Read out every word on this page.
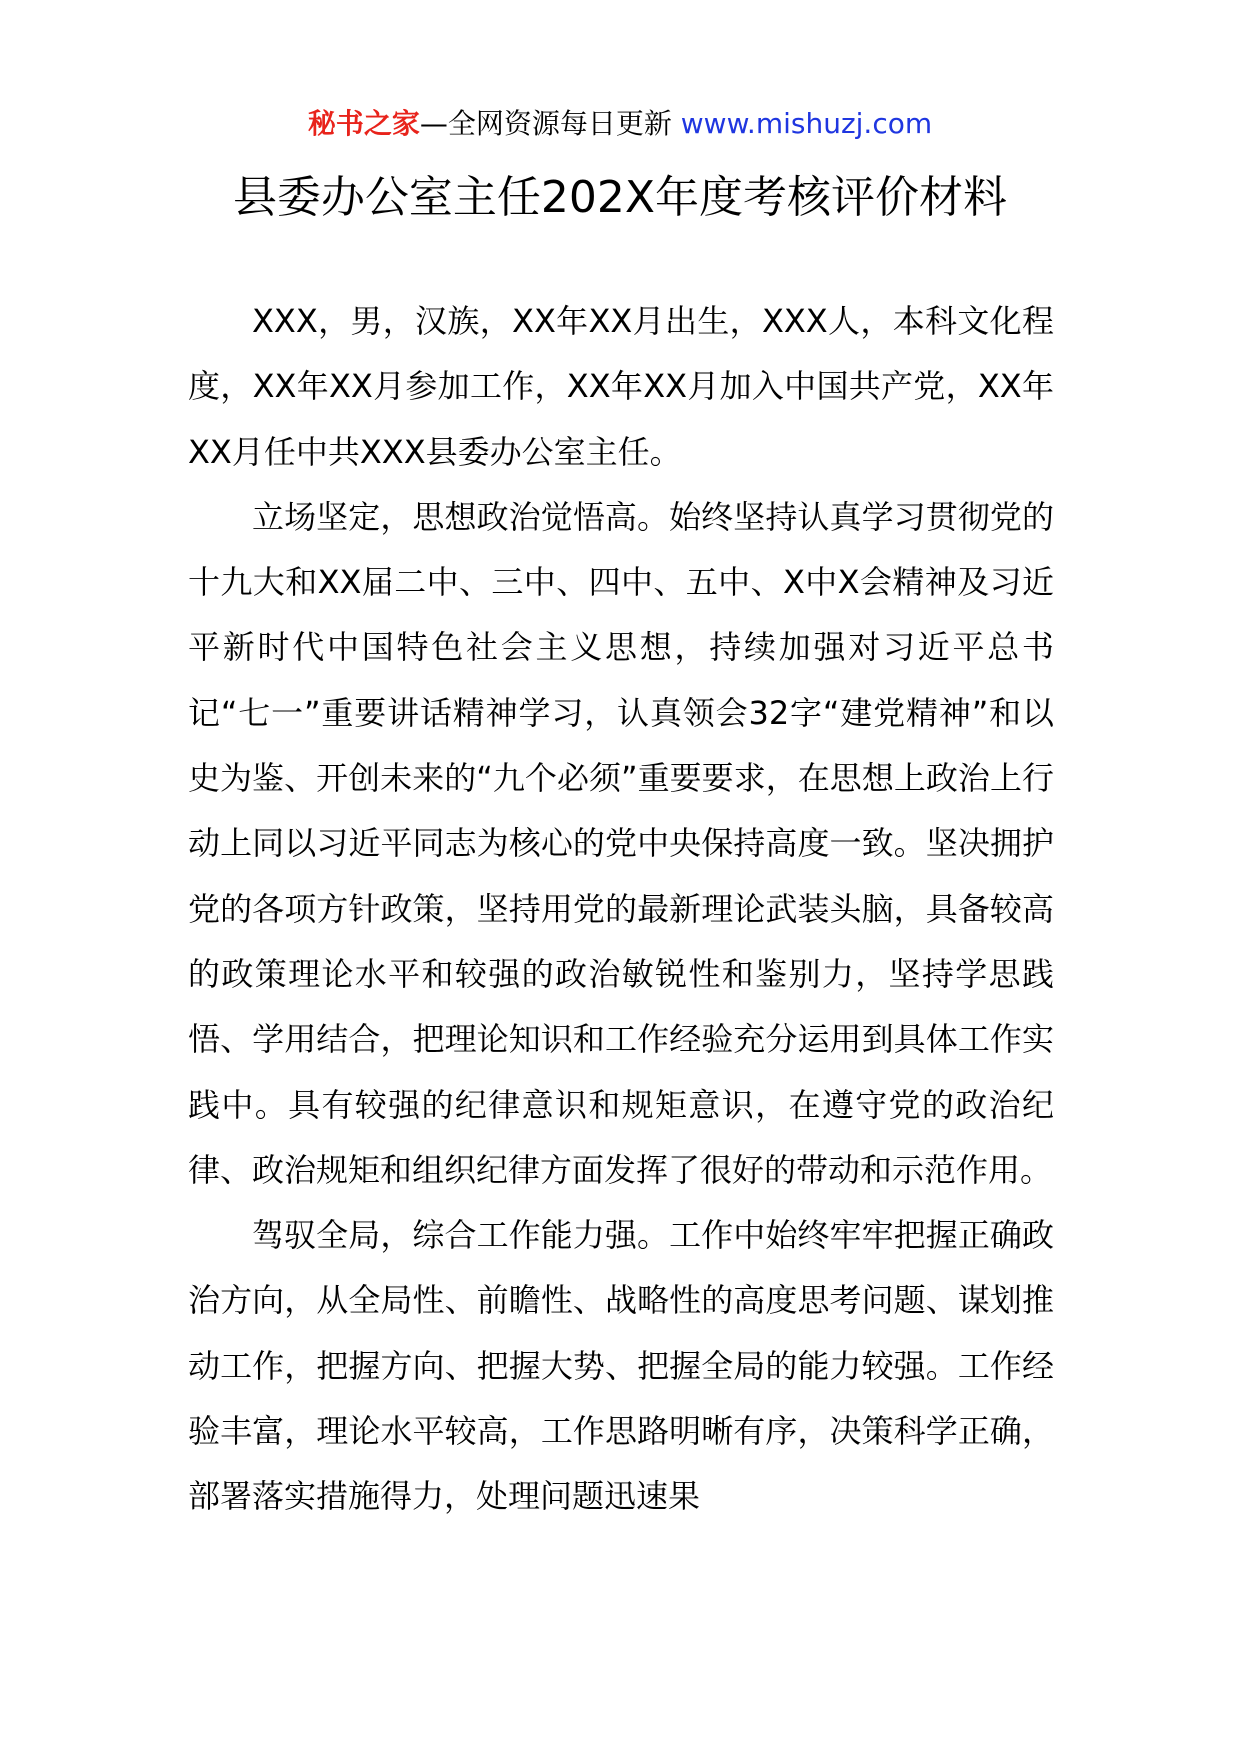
秘书之家—全网资源每日更新 www.mishuzj.com
县委办公室主任202X年度考核评价材料

XXX，男，汉族，XX年XX月出生，XXX人，本科文化程度，XX年XX月参加工作，XX年XX月加入中国共产党，XX年XX月任中共XXX县委办公室主任。

立场坚定，思想政治觉悟高。始终坚持认真学习贯彻党的十九大和XX届二中、三中、四中、五中、X中X会精神及习近平新时代中国特色社会主义思想，持续加强对习近平总书记“七一”重要讲话精神学习，认真领会32字“建党精神”和以史为鉴、开创未来的“九个必须”重要要求，在思想上政治上行动上同以习近平同志为核心的党中央保持高度一致。坚决拥护党的各项方针政策，坚持用党的最新理论武装头脑，具备较高的政策理论水平和较强的政治敏锐性和鉴别力，坚持学思践悟、学用结合，把理论知识和工作经验充分运用到具体工作实践中。具有较强的纪律意识和规矩意识，在遵守党的政治纪律、政治规矩和组织纪律方面发挥了很好的带动和示范作用。

驾驭全局，综合工作能力强。工作中始终牢牢把握正确政治方向，从全局性、前瞻性、战略性的高度思考问题、谋划推动工作，把握方向、把握大势、把握全局的能力较强。工作经验丰富，理论水平较高，工作思路明晰有序，决策科学正确，部署落实措施得力，处理问题迅速果
